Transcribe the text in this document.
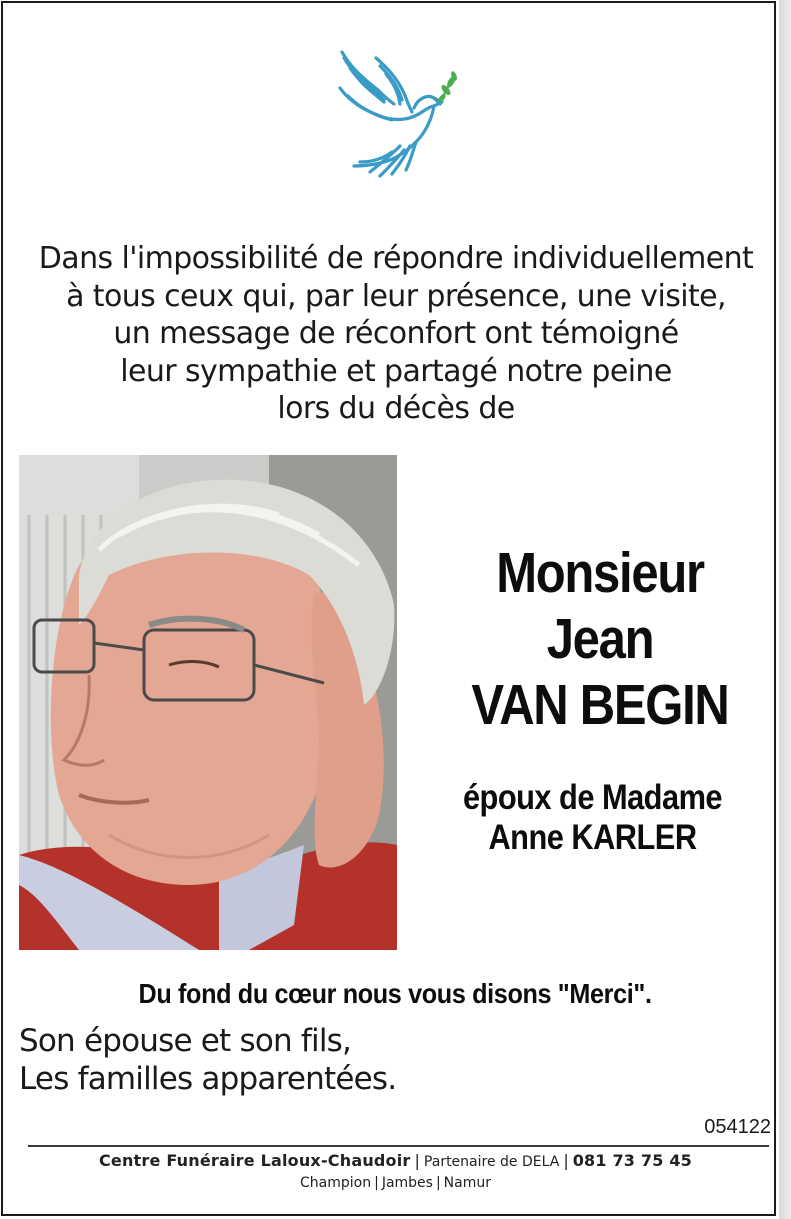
Dans l'impossibilité de répondre individuellement
à tous ceux qui, par leur présence, une visite,
un message de réconfort ont témoigné
leur sympathie et partagé notre peine
lors du décès de
Monsieur
Jean
VAN BEGIN
époux de Madame
Anne KARLER
Du fond du cœur nous vous disons "Merci".
Son épouse et son fils,
Les familles apparentées.
054122
Centre Funéraire Laloux-Chaudoir | Partenaire de DELA | 081 73 75 45
Champion | Jambes | Namur
